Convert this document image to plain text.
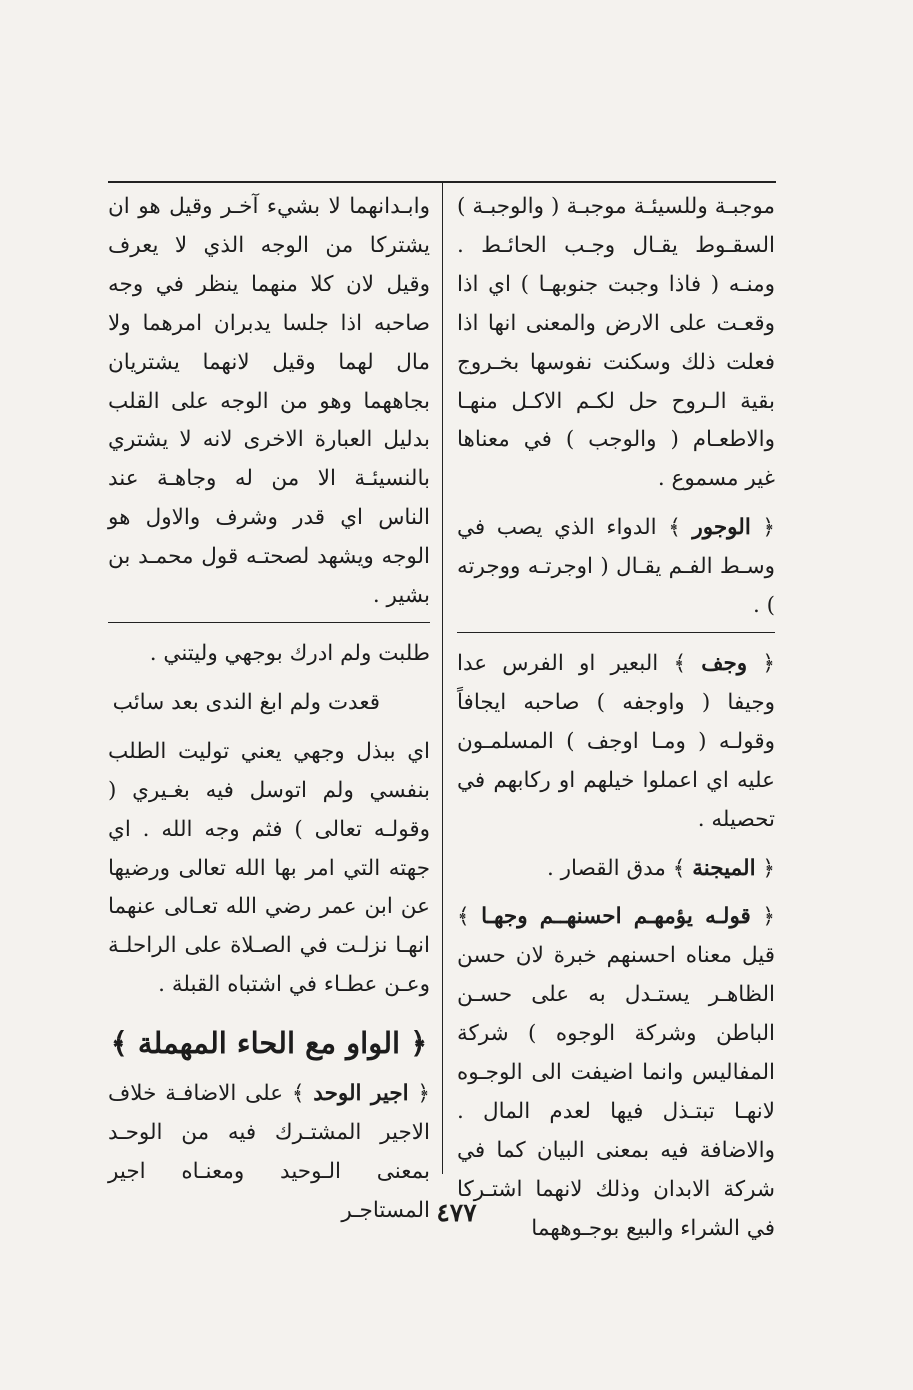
موجبـة وللسيئـة موجبـة ( والوجبـة ) السقـوط يقـال وجـب الحائـط . ومنـه ( فاذا وجبت جنوبهـا ) اي اذا وقعـت على الارض والمعنى انها اذا فعلت ذلك وسكنت نفوسها بخـروج بقية الـروح حل لكـم الاكـل منهـا والاطعـام ( والوجب ) في معناها غير مسموع .

﴿ الوجور ﴾ الدواء الذي يصب في وسـط الفـم يقـال ( اوجرتـه ووجرته ) .

﴿ وجف ﴾ البعير او الفرس عدا وجيفا ( واوجفه ) صاحبه ايجافاً وقولـه ( ومـا اوجف ) المسلمـون عليه اي اعملوا خيلهم او ركابهم في تحصيله .

﴿ الميجنة ﴾ مدق القصار .

﴿ قولـه يؤمهـم احسنهــم وجهـا ﴾ قيل معناه احسنهم خبرة لان حسن الظاهـر يستـدل به على حسـن الباطن وشركة الوجوه ) شركة المفاليس وانما اضيفت الى الوجـوه لانهـا تبتـذل فيها لعدم المال . والاضافة فيه بمعنى البيان كما في شركة الابدان وذلك لانهما اشتـركا في الشراء والبيع بوجـوههما

وابـدانهما لا بشيء آخـر وقيل هو ان يشتركا من الوجه الذي لا يعرف وقيل لان كلا منهما ينظر في وجه صاحبه اذا جلسا يدبران امرهما ولا مال لهما وقيل لانهما يشتريان بجاههما وهو من الوجه على القلب بدليل العبارة الاخرى لانه لا يشتري بالنسيئـة الا من له وجاهـة عند الناس اي قدر وشرف والاول هو الوجه ويشهد لصحتـه قول محمـد بن بشير .

طلبت ولم ادرك بوجهي وليتني .

قعدت ولم ابغ الندى بعد سائب

اي ببذل وجهي يعني توليت الطلب بنفسي ولم اتوسل فيه بغـيري ( وقولـه تعالى ) فثم وجه الله . اي جهته التي امر بها الله تعالى ورضيها عن ابن عمر رضي الله تعـالى عنهما انهـا نزلـت في الصـلاة على الراحلـة وعـن عطـاء في اشتباه القبلة .

﴿ الواو مع الحاء المهملة ﴾

﴿ اجير الوحد ﴾ على الاضافـة خلاف الاجير المشتـرك فيه من الوحـد بمعنى الـوحيد ومعنـاه اجير المستاجـر ٤٧٧
